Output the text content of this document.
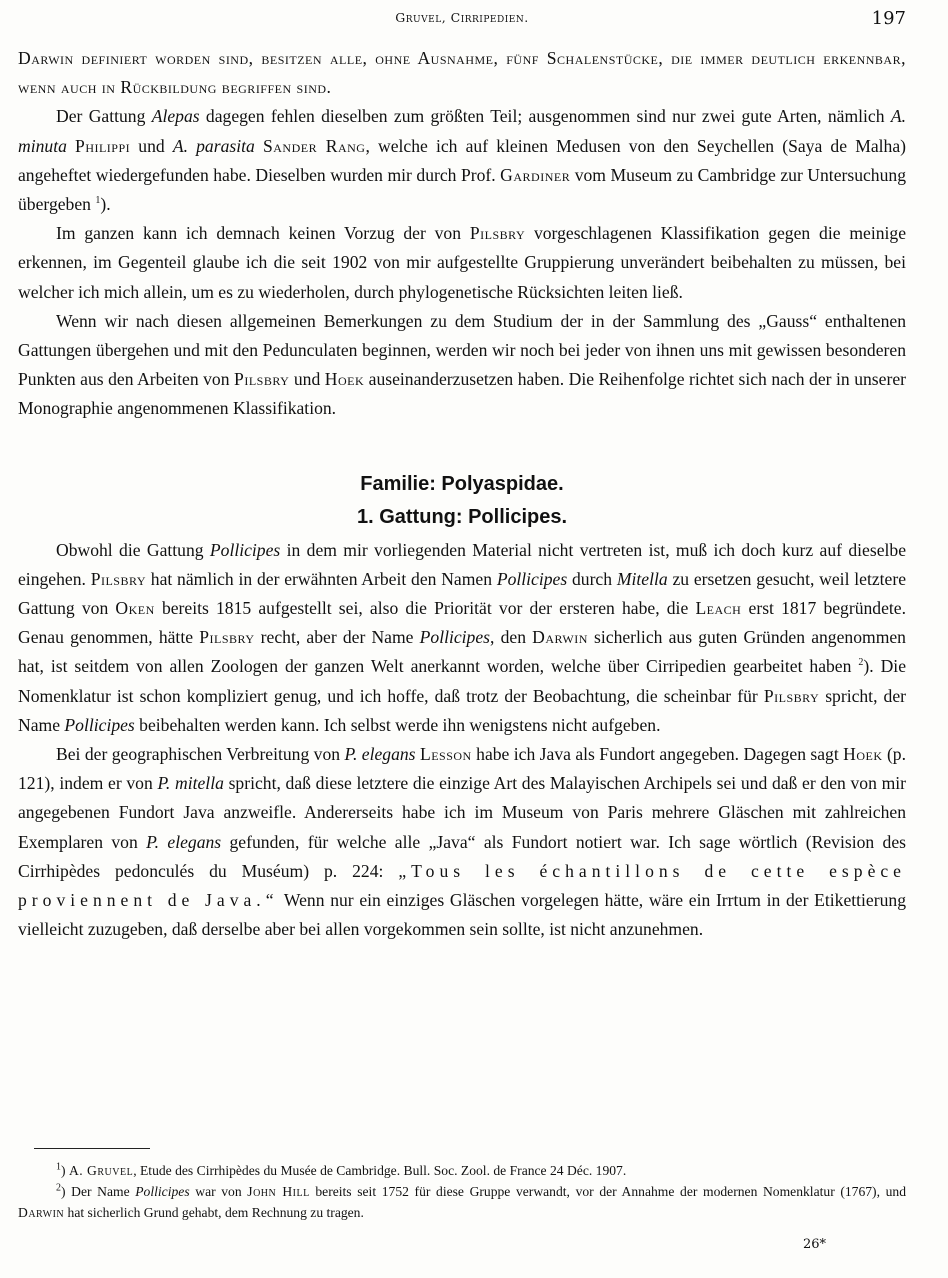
Gruvel, Cirripedien.	197

Darwin definiert worden sind, besitzen alle, ohne Ausnahme, fünf Schalenstücke, die immer deutlich erkennbar, wenn auch in Rückbildung begriffen sind.

Der Gattung Alepas dagegen fehlen dieselben zum größten Teil; ausgenommen sind nur zwei gute Arten, nämlich A. minuta Philippi und A. parasita Sander Rang, welche ich auf kleinen Medusen von den Seychellen (Saya de Malha) angeheftet wiedergefunden habe. Dieselben wurden mir durch Prof. Gardiner vom Museum zu Cambridge zur Untersuchung übergeben $^1$).

Im ganzen kann ich demnach keinen Vorzug der von Pilsbry vorgeschlagenen Klassifikation gegen die meinige erkennen, im Gegenteil glaube ich die seit 1902 von mir aufgestellte Gruppierung unverändert beibehalten zu müssen, bei welcher ich mich allein, um es zu wiederholen, durch phylogenetische Rücksichten leiten ließ.

Wenn wir nach diesen allgemeinen Bemerkungen zu dem Studium der in der Sammlung des „Gauss“ enthaltenen Gattungen übergehen und mit den Pedunculaten beginnen, werden wir noch bei jeder von ihnen uns mit gewissen besonderen Punkten aus den Arbeiten von Pilsbry und Hoek auseinanderzusetzen haben. Die Reihenfolge richtet sich nach der in unserer Monographie angenommenen Klassifikation.

Familie: Polyaspidae.
1. Gattung: Pollicipes.

Obwohl die Gattung Pollicipes in dem mir vorliegenden Material nicht vertreten ist, muß ich doch kurz auf dieselbe eingehen. Pilsbry hat nämlich in der erwähnten Arbeit den Namen Pollicipes durch Mitella zu ersetzen gesucht, weil letztere Gattung von Oken bereits 1815 aufgestellt sei, also die Priorität vor der ersteren habe, die Leach erst 1817 begründete. Genau genommen, hätte Pilsbry recht, aber der Name Pollicipes, den Darwin sicherlich aus guten Gründen angenommen hat, ist seitdem von allen Zoologen der ganzen Welt anerkannt worden, welche über Cirripedien gearbeitet haben $^2$). Die Nomenklatur ist schon kompliziert genug, und ich hoffe, daß trotz der Beobachtung, die scheinbar für Pilsbry spricht, der Name Pollicipes beibehalten werden kann. Ich selbst werde ihn wenigstens nicht aufgeben.

Bei der geographischen Verbreitung von P. elegans Lesson habe ich Java als Fundort angegeben. Dagegen sagt Hoek (p. 121), indem er von P. mitella spricht, daß diese letztere die einzige Art des Malayischen Archipels sei und daß er den von mir angegebenen Fundort Java anzweifle. Andererseits habe ich im Museum von Paris mehrere Gläschen mit zahlreichen Exemplaren von P. elegans gefunden, für welche alle „Java“ als Fundort notiert war. Ich sage wörtlich (Revision des Cirrhipèdes pedonculés du Muséum) p. 224: „Tous les échantillons de cette espèce proviennent de Java.“ Wenn nur ein einziges Gläschen vorgelegen hätte, wäre ein Irrtum in der Etikettierung vielleicht zuzugeben, daß derselbe aber bei allen vorgekommen sein sollte, ist nicht anzunehmen.

$^1$) A. Gruvel, Etude des Cirrhipèdes du Musée de Cambridge. Bull. Soc. Zool. de France 24 Déc. 1907.

$^2$) Der Name Pollicipes war von John Hill bereits seit 1752 für diese Gruppe verwandt, vor der Annahme der modernen Nomenklatur (1767), und Darwin hat sicherlich Grund gehabt, dem Rechnung zu tragen.

26*
